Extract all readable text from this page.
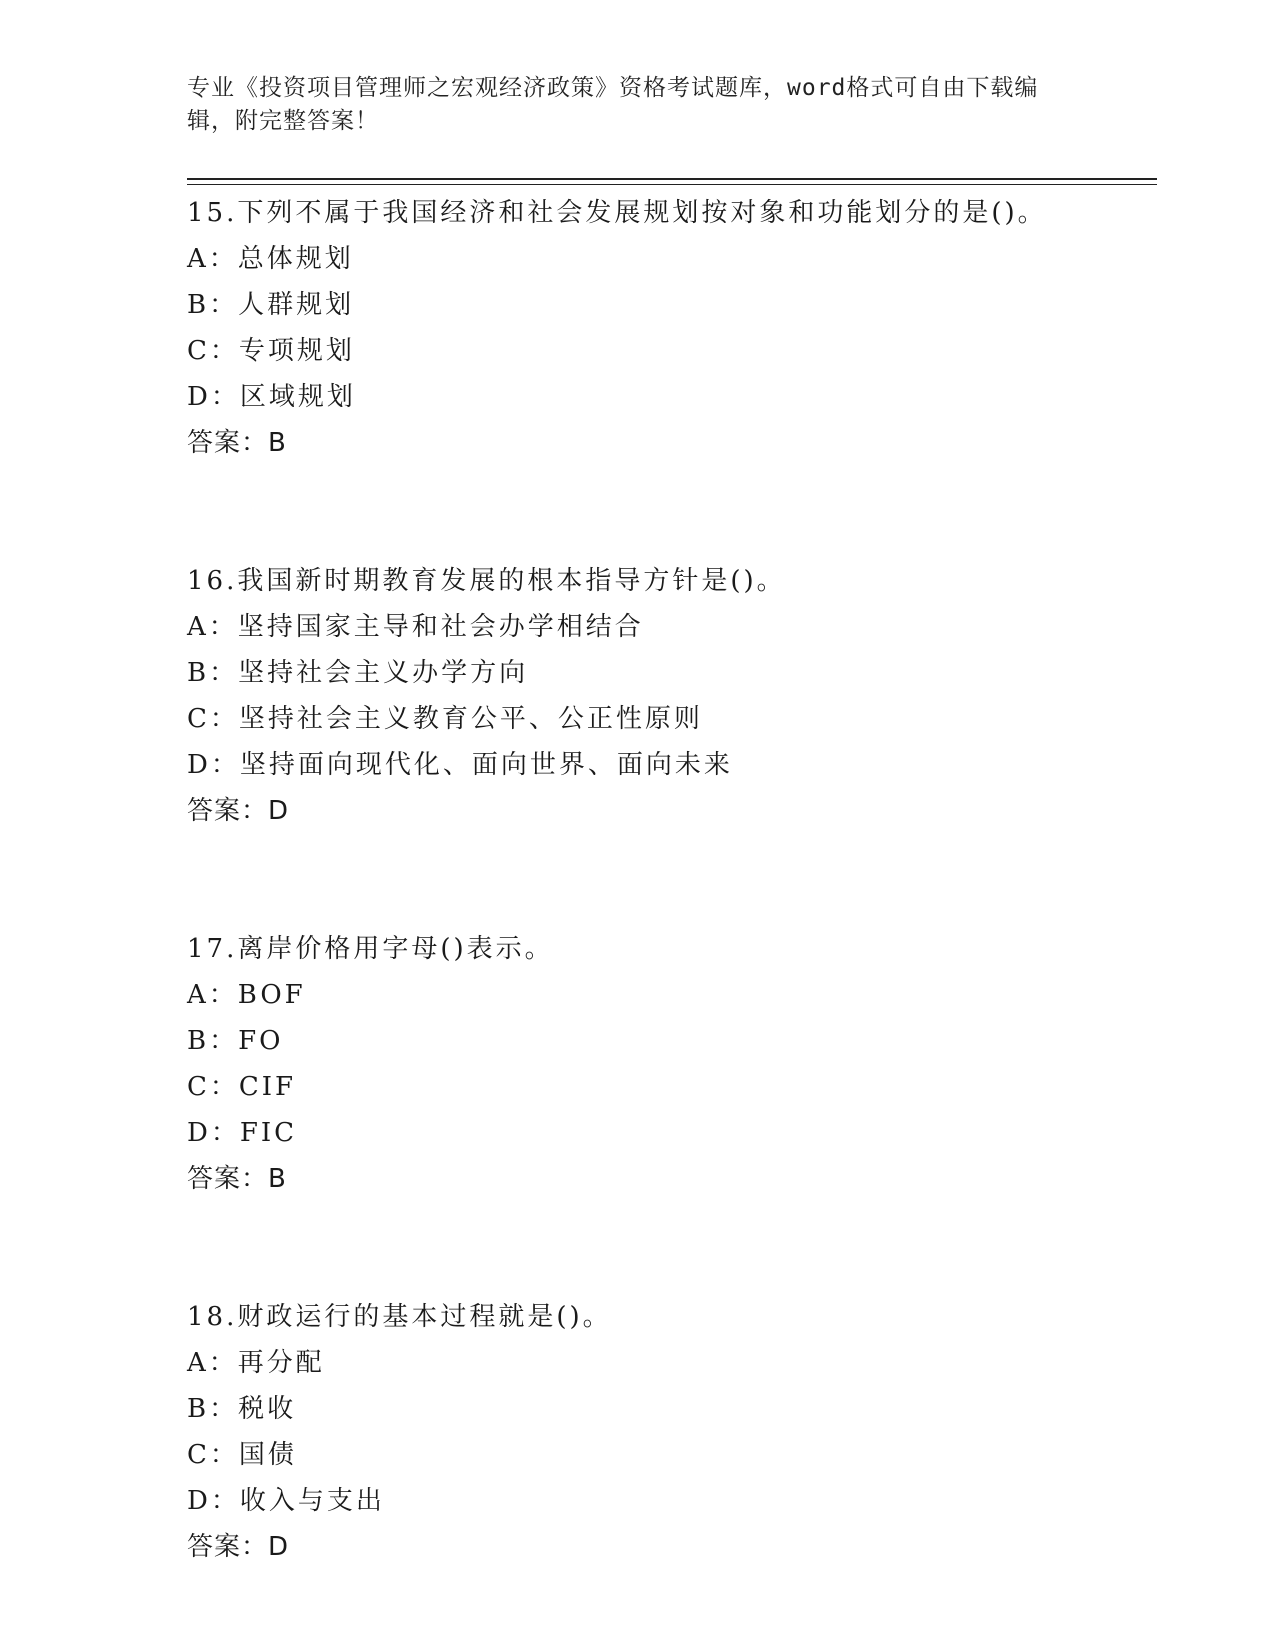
专业《投资项目管理师之宏观经济政策》资格考试题库，word格式可自由下载编辑，附完整答案！
15.下列不属于我国经济和社会发展规划按对象和功能划分的是()。
A：总体规划
B：人群规划
C：专项规划
D：区域规划
答案：B
16.我国新时期教育发展的根本指导方针是()。
A：坚持国家主导和社会办学相结合
B：坚持社会主义办学方向
C：坚持社会主义教育公平、公正性原则
D：坚持面向现代化、面向世界、面向未来
答案：D
17.离岸价格用字母()表示。
A：BOF
B：FO
C：CIF
D：FIC
答案：B
18.财政运行的基本过程就是()。
A：再分配
B：税收
C：国债
D：收入与支出
答案：D
